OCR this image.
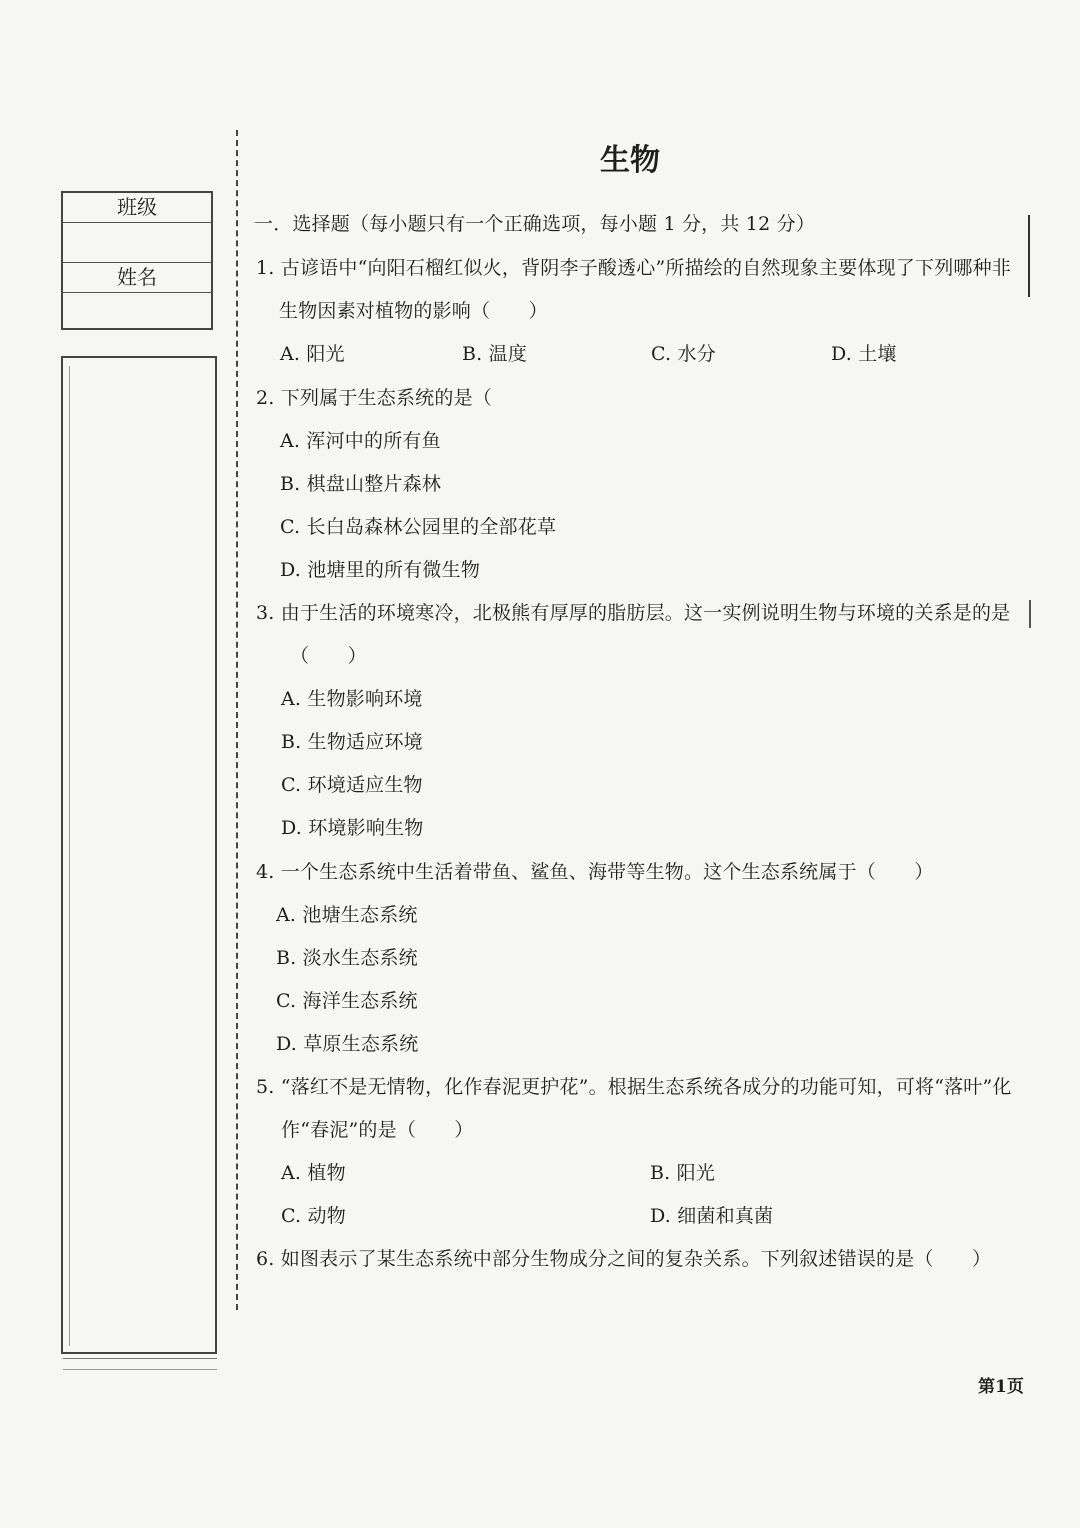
班级
姓名
生物
一．选择题（每小题只有一个正确选项，每小题 1 分，共 12 分）
1. 古谚语中“向阳石榴红似火，背阴李子酸透心”所描绘的自然现象主要体现了下列哪种非
生物因素对植物的影响（　　）
A. 阳光	B. 温度	C. 水分	D. 土壤
2. 下列属于生态系统的是（
A. 浑河中的所有鱼
B. 棋盘山整片森林
C. 长白岛森林公园里的全部花草
D. 池塘里的所有微生物
3. 由于生活的环境寒冷，北极熊有厚厚的脂肪层。这一实例说明生物与环境的关系是的是
（　　）
A. 生物影响环境
B. 生物适应环境
C. 环境适应生物
D. 环境影响生物
4. 一个生态系统中生活着带鱼、鲨鱼、海带等生物。这个生态系统属于（　　）
A. 池塘生态系统
B. 淡水生态系统
C. 海洋生态系统
D. 草原生态系统
5. “落红不是无情物，化作春泥更护花”。根据生态系统各成分的功能可知，可将“落叶”化
作“春泥”的是（　　）
A. 植物	B. 阳光
C. 动物	D. 细菌和真菌
6. 如图表示了某生态系统中部分生物成分之间的复杂关系。下列叙述错误的是（　　）
第1页
